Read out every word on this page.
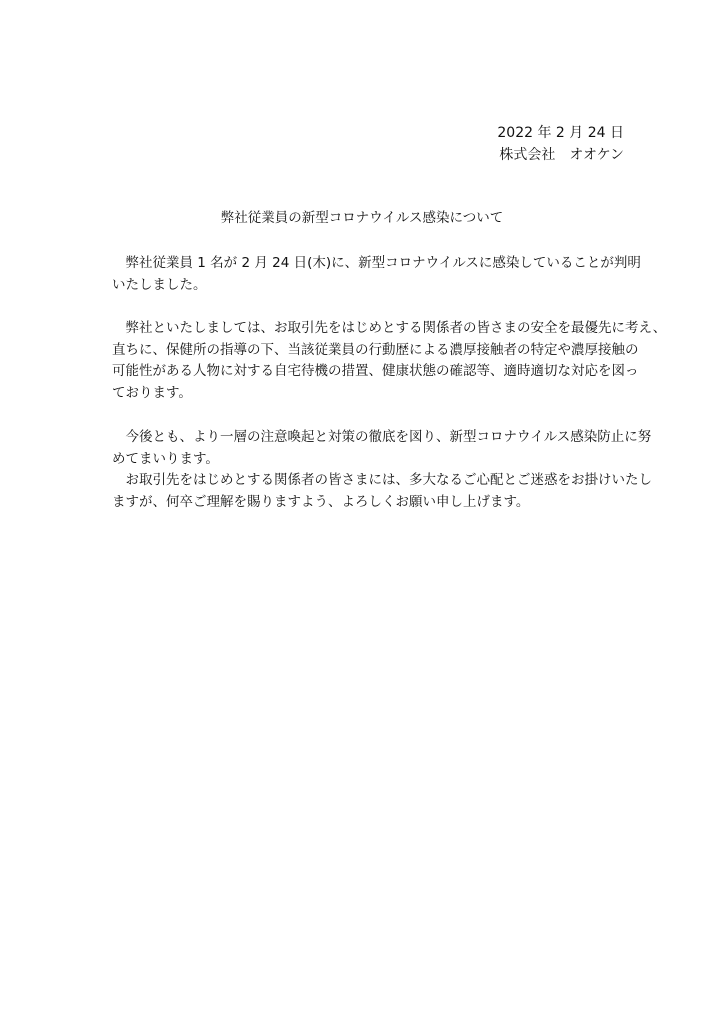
2022 年 2 月 24 日
株式会社　オオケン
弊社従業員の新型コロナウイルス感染について
　弊社従業員 1 名が 2 月 24 日(木)に、新型コロナウイルスに感染していることが判明
いたしました。
　弊社といたしましては、お取引先をはじめとする関係者の皆さまの安全を最優先に考え、
直ちに、保健所の指導の下、当該従業員の行動歴による濃厚接触者の特定や濃厚接触の
可能性がある人物に対する自宅待機の措置、健康状態の確認等、適時適切な対応を図っ
ております。
　今後とも、より一層の注意喚起と対策の徹底を図り、新型コロナウイルス感染防止に努
めてまいります。
　お取引先をはじめとする関係者の皆さまには、多大なるご心配とご迷惑をお掛けいたし
ますが、何卒ご理解を賜りますよう、よろしくお願い申し上げます。
